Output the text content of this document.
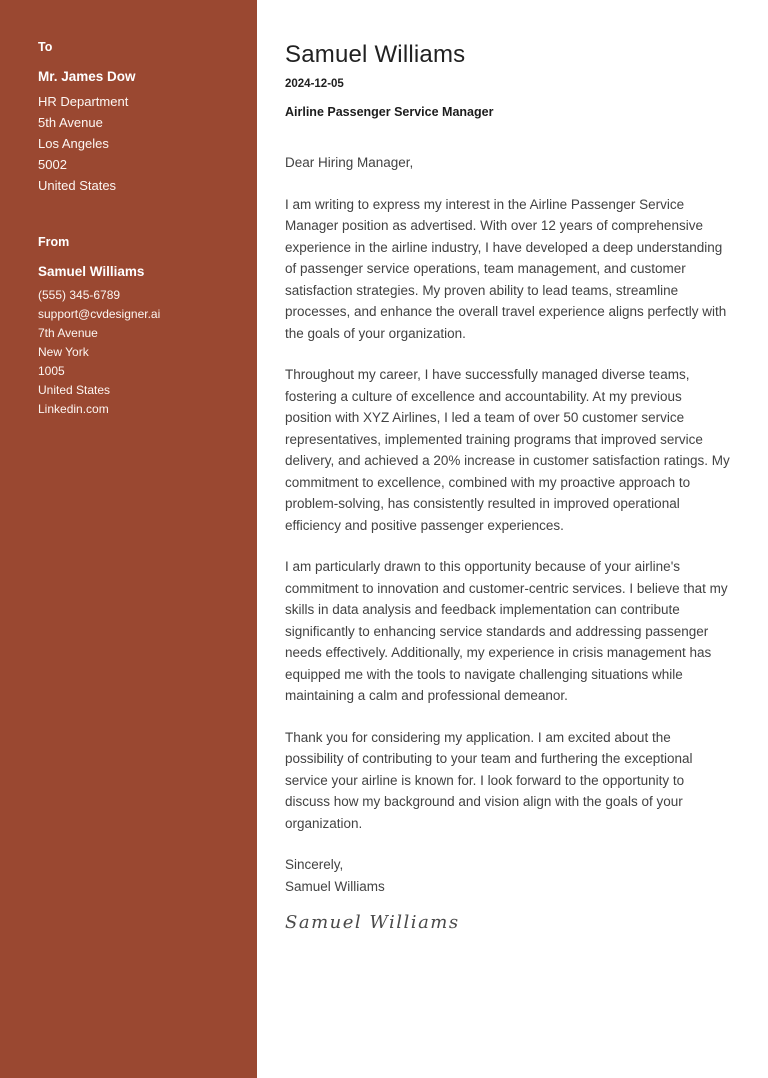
To
Mr. James Dow
HR Department
5th Avenue
Los Angeles
5002
United States
From
Samuel Williams
(555) 345-6789
support@cvdesigner.ai
7th Avenue
New York
1005
United States
Linkedin.com
Samuel Williams
2024-12-05
Airline Passenger Service Manager
Dear Hiring Manager,

I am writing to express my interest in the Airline Passenger Service Manager position as advertised. With over 12 years of comprehensive experience in the airline industry, I have developed a deep understanding of passenger service operations, team management, and customer satisfaction strategies. My proven ability to lead teams, streamline processes, and enhance the overall travel experience aligns perfectly with the goals of your organization.

Throughout my career, I have successfully managed diverse teams, fostering a culture of excellence and accountability. At my previous position with XYZ Airlines, I led a team of over 50 customer service representatives, implemented training programs that improved service delivery, and achieved a 20% increase in customer satisfaction ratings. My commitment to excellence, combined with my proactive approach to problem-solving, has consistently resulted in improved operational efficiency and positive passenger experiences.

I am particularly drawn to this opportunity because of your airline's commitment to innovation and customer-centric services. I believe that my skills in data analysis and feedback implementation can contribute significantly to enhancing service standards and addressing passenger needs effectively. Additionally, my experience in crisis management has equipped me with the tools to navigate challenging situations while maintaining a calm and professional demeanor.

Thank you for considering my application. I am excited about the possibility of contributing to your team and furthering the exceptional service your airline is known for. I look forward to the opportunity to discuss how my background and vision align with the goals of your organization.

Sincerely,
Samuel Williams
Samuel Williams
